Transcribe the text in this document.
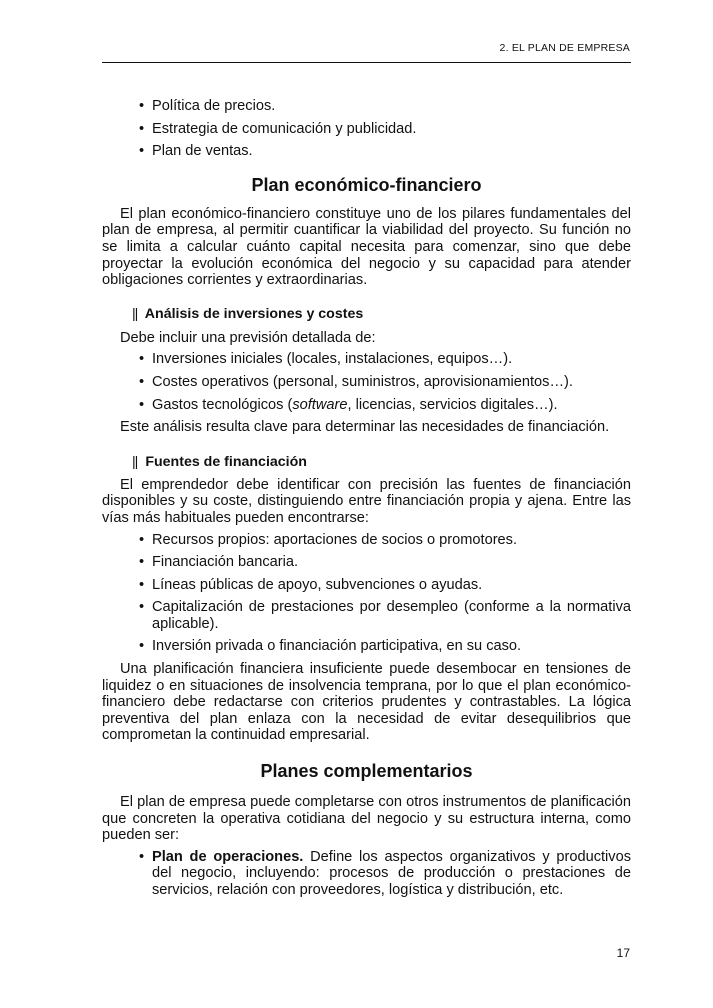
2. EL PLAN DE EMPRESA
• Política de precios.
• Estrategia de comunicación y publicidad.
• Plan de ventas.
Plan económico-financiero

El plan económico-financiero constituye uno de los pilares fundamentales del plan de empresa, al permitir cuantificar la viabilidad del proyecto. Su función no se limita a calcular cuánto capital necesita para comenzar, sino que debe proyectar la evolución económica del negocio y su capacidad para atender obligaciones corrientes y extraordinarias.

|| Análisis de inversiones y costes

Debe incluir una previsión detallada de:

• Inversiones iniciales (locales, instalaciones, equipos…).
• Costes operativos (personal, suministros, aprovisionamientos…).
• Gastos tecnológicos (software, licencias, servicios digitales…).

Este análisis resulta clave para determinar las necesidades de financiación.

|| Fuentes de financiación

El emprendedor debe identificar con precisión las fuentes de financiación disponibles y su coste, distinguiendo entre financiación propia y ajena. Entre las vías más habituales pueden encontrarse:

• Recursos propios: aportaciones de socios o promotores.
• Financiación bancaria.
• Líneas públicas de apoyo, subvenciones o ayudas.
• Capitalización de prestaciones por desempleo (conforme a la normativa aplicable).
• Inversión privada o financiación participativa, en su caso.

Una planificación financiera insuficiente puede desembocar en tensiones de liquidez o en situaciones de insolvencia temprana, por lo que el plan económico-financiero debe redactarse con criterios prudentes y contrastables. La lógica preventiva del plan enlaza con la necesidad de evitar desequilibrios que comprometan la continuidad empresarial.

Planes complementarios

El plan de empresa puede completarse con otros instrumentos de planificación que concreten la operativa cotidiana del negocio y su estructura interna, como pueden ser:

• Plan de operaciones. Define los aspectos organizativos y productivos del negocio, incluyendo: procesos de producción o prestaciones de servicios, relación con proveedores, logística y distribución, etc.
17
